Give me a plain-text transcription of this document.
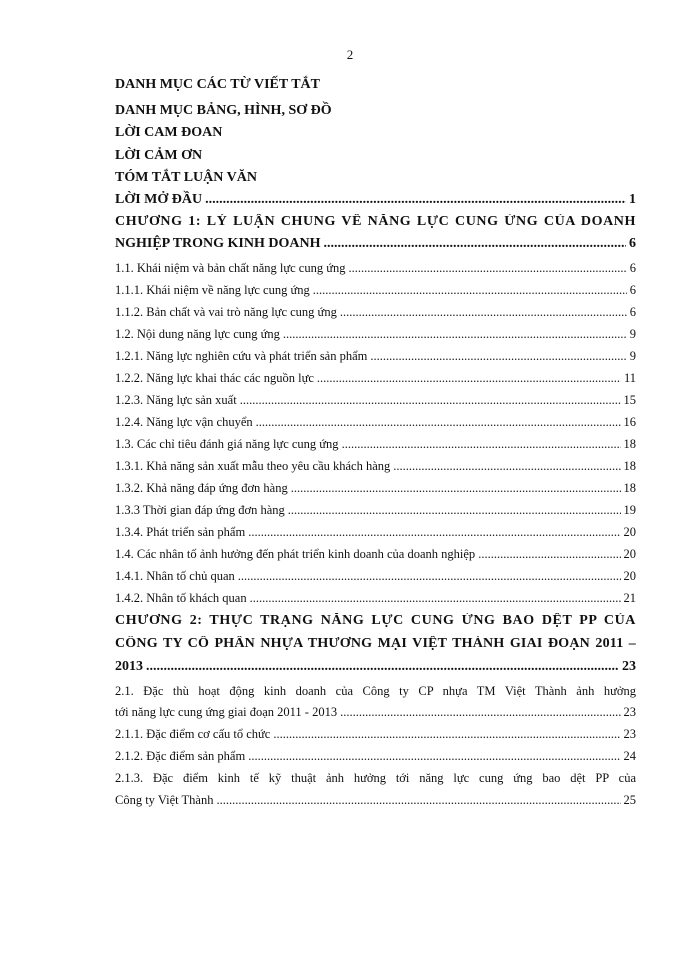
2
DANH MỤC CÁC TỪ VIẾT TẮT
DANH MỤC BẢNG, HÌNH, SƠ ĐỒ
LỜI CAM ĐOAN
LỜI CẢM ƠN
TÓM TẮT LUẬN VĂN
LỜI MỞ ĐẦU .....	1
CHƯƠNG 1: LÝ LUẬN CHUNG VỀ NĂNG LỰC CUNG ỨNG CỦA DOANH
NGHIỆP TRONG KINH DOANH .....	6
1.1. Khái niệm và bản chất năng lực cung ứng .....	6
1.1.1. Khái niệm về năng lực cung ứng .....	6
1.1.2. Bản chất và vai trò năng lực cung ứng .....	6
1.2. Nội dung năng lực cung ứng .....	9
1.2.1. Năng lực nghiên cứu và phát triển sản phẩm .....	9
1.2.2. Năng lực khai thác các nguồn lực .....	11
1.2.3. Năng lực sản xuất .....	15
1.2.4. Năng lực vận chuyển .....	16
1.3. Các chỉ tiêu đánh giá năng lực cung ứng .....	18
1.3.1. Khả năng sản xuất mẫu theo yêu cầu khách hàng .....	18
1.3.2. Khả năng đáp ứng đơn hàng .....	18
1.3.3 Thời gian đáp ứng đơn hàng .....	19
1.3.4. Phát triển sản phẩm .....	20
1.4. Các nhân tố ảnh hưởng đến phát triển kinh doanh của doanh nghiệp .....	20
1.4.1. Nhân tố chủ quan .....	20
1.4.2. Nhân tố khách quan .....	21
CHƯƠNG 2: THỰC TRẠNG NĂNG LỰC CUNG ỨNG BAO DỆT PP CỦA
CÔNG TY CỔ PHẦN NHỰA THƯƠNG MẠI VIỆT THÀNH GIAI ĐOẠN 2011 –
2013 .....	23
2.1. Đặc thù hoạt động kinh doanh của Công ty CP nhựa TM Việt Thành ảnh hưởng
tới năng lực cung ứng giai đoạn 2011 - 2013 .....	23
2.1.1. Đặc điểm cơ cấu tổ chức .....	23
2.1.2. Đặc điểm sản phẩm .....	24
2.1.3. Đặc điểm kinh tế kỹ thuật ảnh hưởng tới năng lực cung ứng bao dệt PP của
Công ty Việt Thành .....	25
